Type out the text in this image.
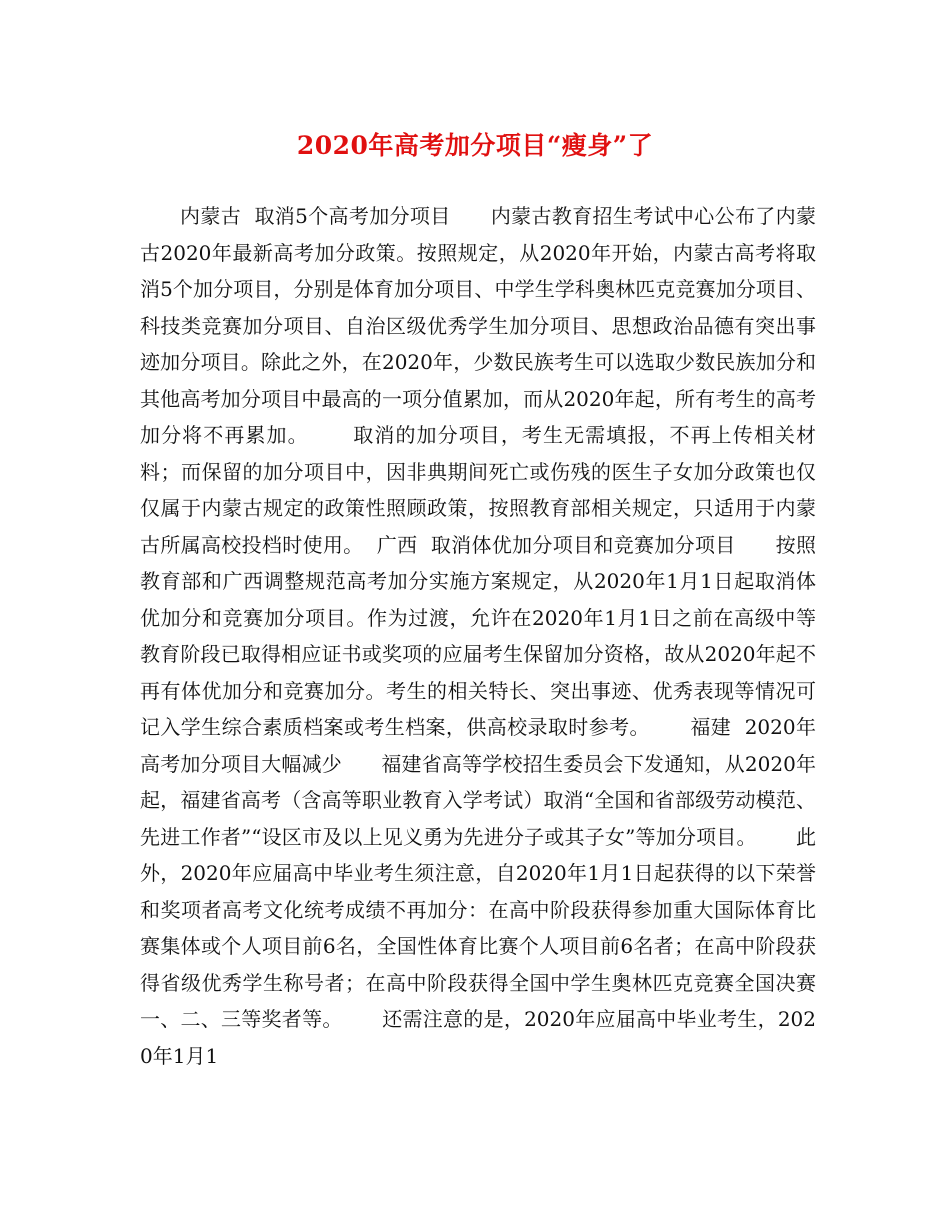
2020年高考加分项目“瘦身”了

内蒙古  取消5个高考加分项目      内蒙古教育招生考试中心公布了内蒙古2020年最新高考加分政策。按照规定，从2020年开始，内蒙古高考将取消5个加分项目，分别是体育加分项目、中学生学科奥林匹克竞赛加分项目、科技类竞赛加分项目、自治区级优秀学生加分项目、思想政治品德有突出事迹加分项目。除此之外，在2020年，少数民族考生可以选取少数民族加分和其他高考加分项目中最高的一项分值累加，而从2020年起，所有考生的高考加分将不再累加。      取消的加分项目，考生无需填报，不再上传相关材料；而保留的加分项目中，因非典期间死亡或伤残的医生子女加分政策也仅仅属于内蒙古规定的政策性照顾政策，按照教育部相关规定，只适用于内蒙古所属高校投档时使用。  广西  取消体优加分项目和竞赛加分项目      按照教育部和广西调整规范高考加分实施方案规定，从2020年1月1日起取消体优加分和竞赛加分项目。作为过渡，允许在2020年1月1日之前在高级中等教育阶段已取得相应证书或奖项的应届考生保留加分资格，故从2020年起不再有体优加分和竞赛加分。考生的相关特长、突出事迹、优秀表现等情况可记入学生综合素质档案或考生档案，供高校录取时参考。      福建  2020年高考加分项目大幅减少      福建省高等学校招生委员会下发通知，从2020年起，福建省高考（含高等职业教育入学考试）取消“全国和省部级劳动模范、先进工作者”“设区市及以上见义勇为先进分子或其子女”等加分项目。      此外，2020年应届高中毕业考生须注意，自2020年1月1日起获得的以下荣誉和奖项者高考文化统考成绩不再加分：在高中阶段获得参加重大国际体育比赛集体或个人项目前6名，全国性体育比赛个人项目前6名者；在高中阶段获得省级优秀学生称号者；在高中阶段获得全国中学生奥林匹克竞赛全国决赛一、二、三等奖者等。      还需注意的是，2020年应届高中毕业考生，2020年1月1
